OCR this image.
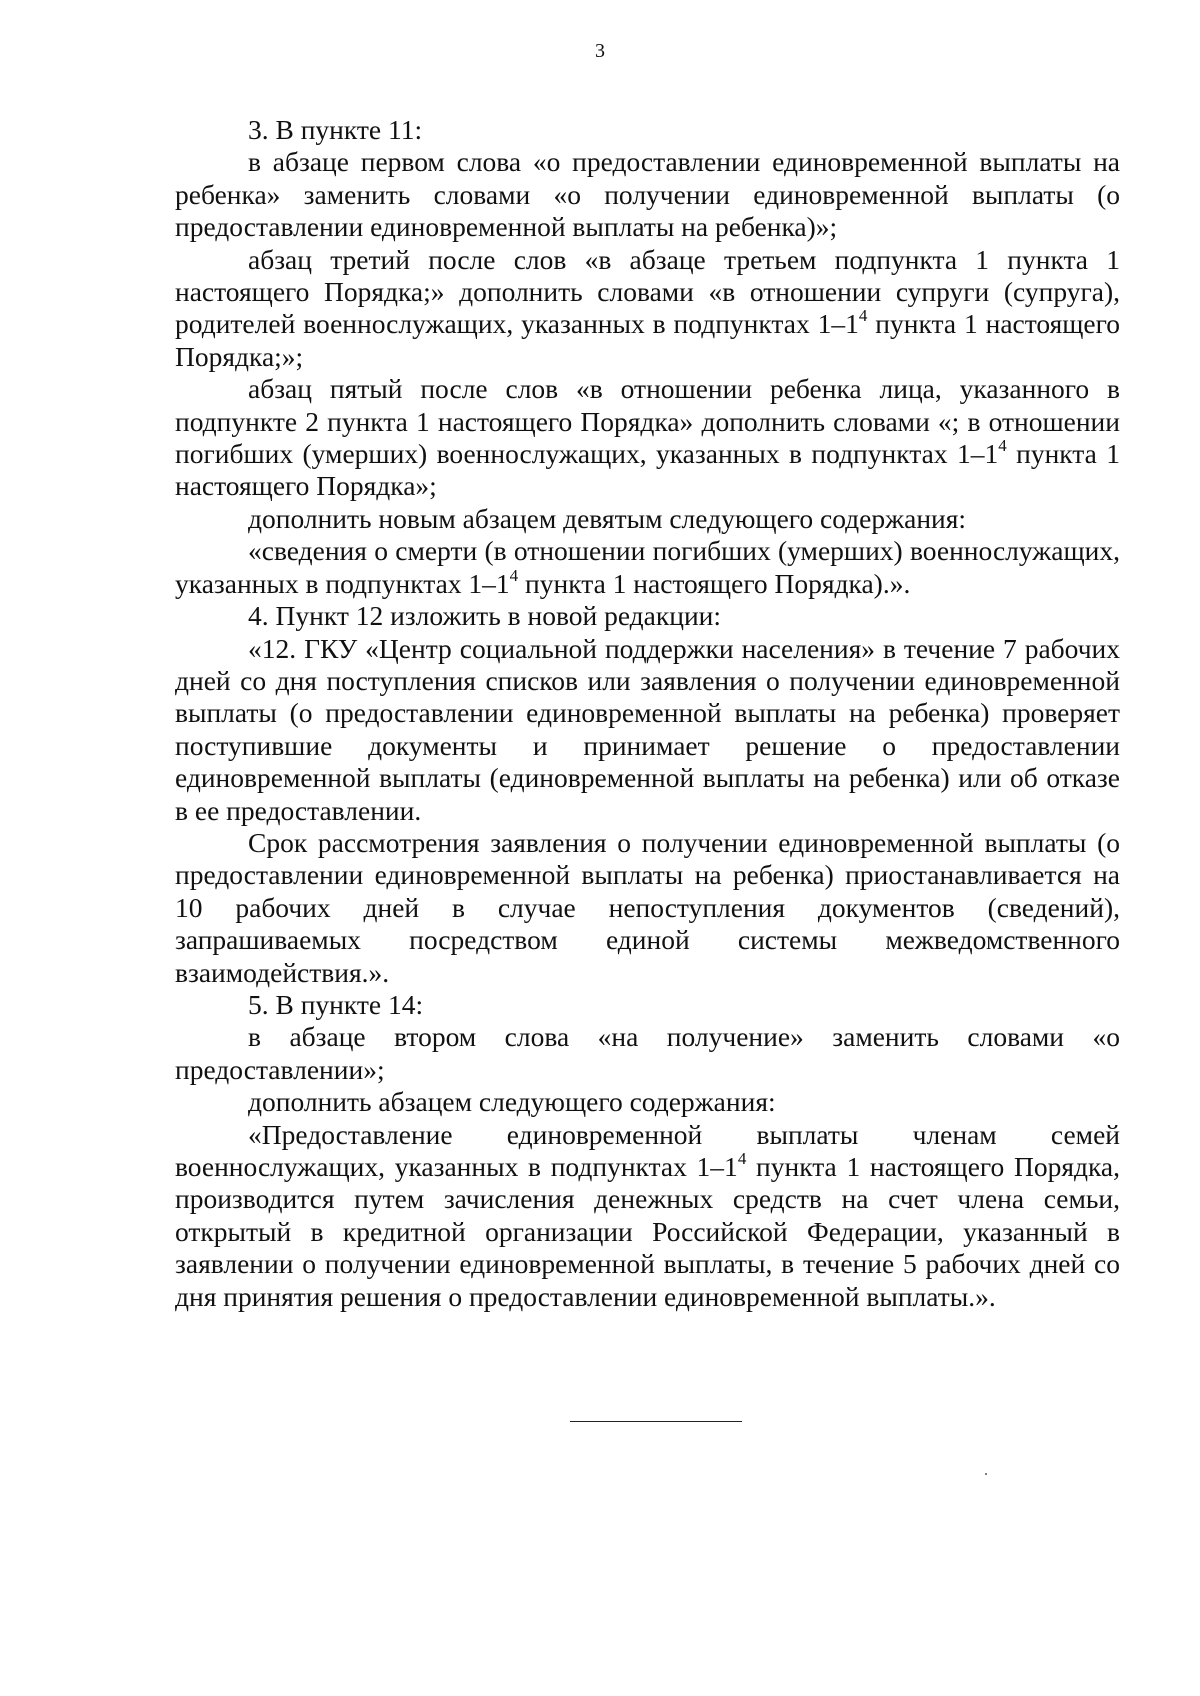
3

3. В пункте 11:

в абзаце первом слова «о предоставлении единовременной выплаты на ребенка» заменить словами «о получении единовременной выплаты (о предоставлении единовременной выплаты на ребенка)»;

абзац третий после слов «в абзаце третьем подпункта 1 пункта 1 настоящего Порядка;» дополнить словами «в отношении супруги (супруга), родителей военнослужащих, указанных в подпунктах $1-1^4$ пункта 1 настоящего Порядка;»;

абзац пятый после слов «в отношении ребенка лица, указанного в подпункте 2 пункта 1 настоящего Порядка» дополнить словами «; в отношении погибших (умерших) военнослужащих, указанных в подпунктах $1-1^4$ пункта 1 настоящего Порядка»;

дополнить новым абзацем девятым следующего содержания:

«сведения о смерти (в отношении погибших (умерших) военнослужащих, указанных в подпунктах $1-1^4$ пункта 1 настоящего Порядка).».

4. Пункт 12 изложить в новой редакции:

«12. ГКУ «Центр социальной поддержки населения» в течение 7 рабочих дней со дня поступления списков или заявления о получении единовременной выплаты (о предоставлении единовременной выплаты на ребенка) проверяет поступившие документы и принимает решение о предоставлении единовременной выплаты (единовременной выплаты на ребенка) или об отказе в ее предоставлении.

Срок рассмотрения заявления о получении единовременной выплаты (о предоставлении единовременной выплаты на ребенка) приостанавливается на 10 рабочих дней в случае непоступления документов (сведений), запрашиваемых посредством единой системы межведомственного взаимодействия.».

5. В пункте 14:

в абзаце втором слова «на получение» заменить словами «о предоставлении»;

дополнить абзацем следующего содержания:

«Предоставление единовременной выплаты членам семей военнослужащих, указанных в подпунктах $1-1^4$ пункта 1 настоящего Порядка, производится путем зачисления денежных средств на счет члена семьи, открытый в кредитной организации Российской Федерации, указанный в заявлении о получении единовременной выплаты, в течение 5 рабочих дней со дня принятия решения о предоставлении единовременной выплаты.».
